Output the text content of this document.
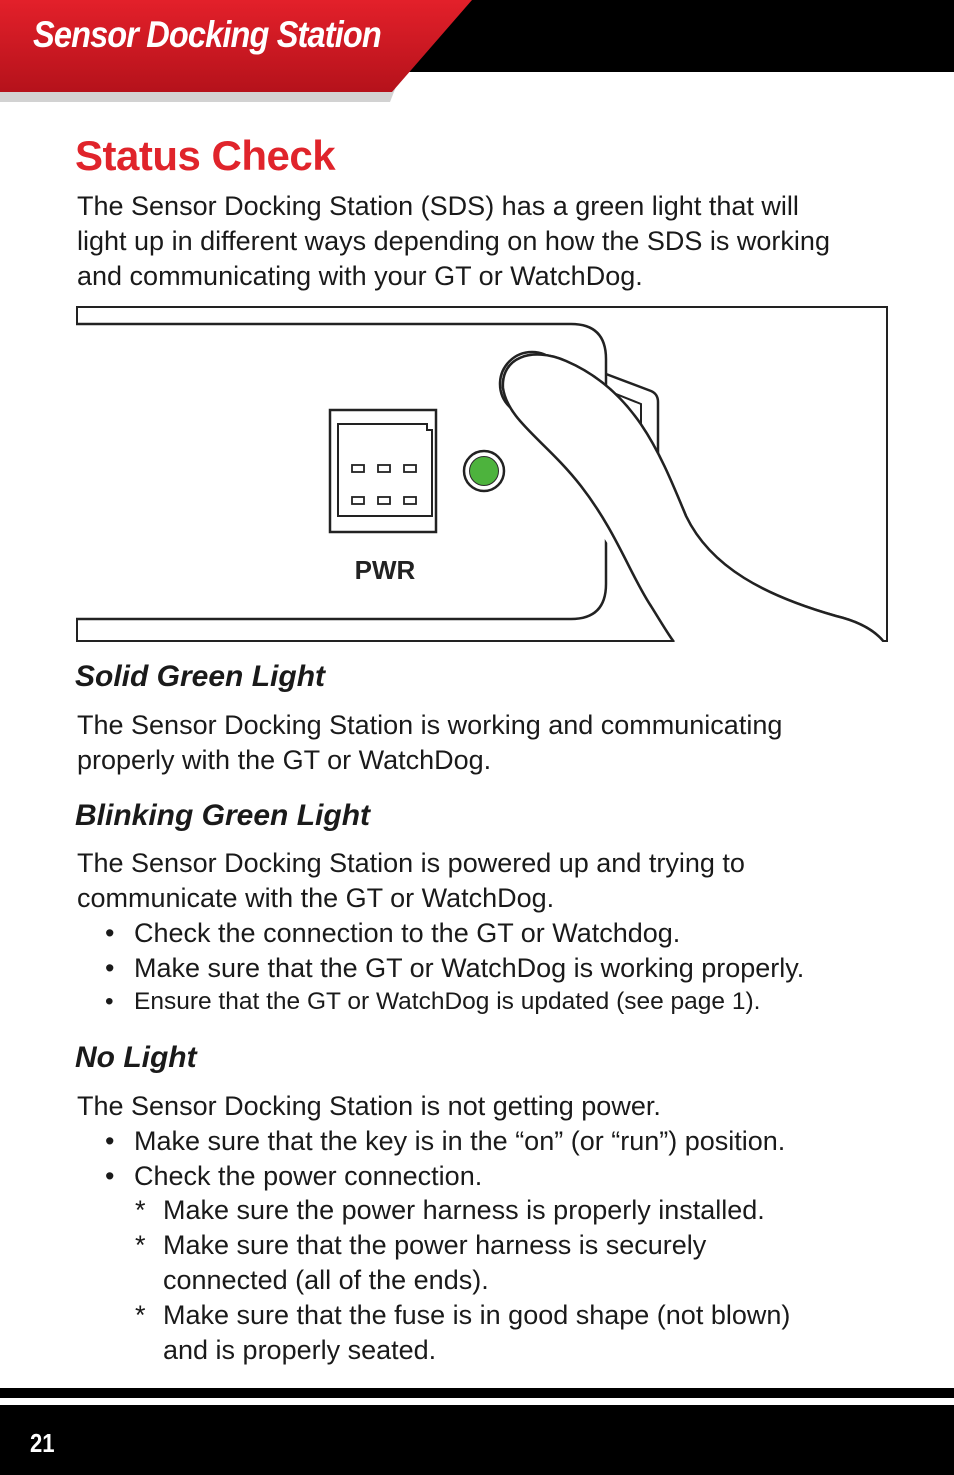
Sensor Docking Station
Status Check

The Sensor Docking Station (SDS) has a green light that will light up in different ways depending on how the SDS is working and communicating with your GT or WatchDog.

PWR
Solid Green Light

The Sensor Docking Station is working and communicating properly with the GT or WatchDog.

Blinking Green Light

The Sensor Docking Station is powered up and trying to communicate with the GT or WatchDog.

• Check the connection to the GT or Watchdog.
• Make sure that the GT or WatchDog is working properly.
• Ensure that the GT or WatchDog is updated (see page 1).
No Light

The Sensor Docking Station is not getting power.

• Make sure that the key is in the “on” (or “run”) position.
• Check the power connection.
* Make sure the power harness is properly installed.
* Make sure that the power harness is securely connected (all of the ends).
* Make sure that the fuse is in good shape (not blown) and is properly seated.
21
